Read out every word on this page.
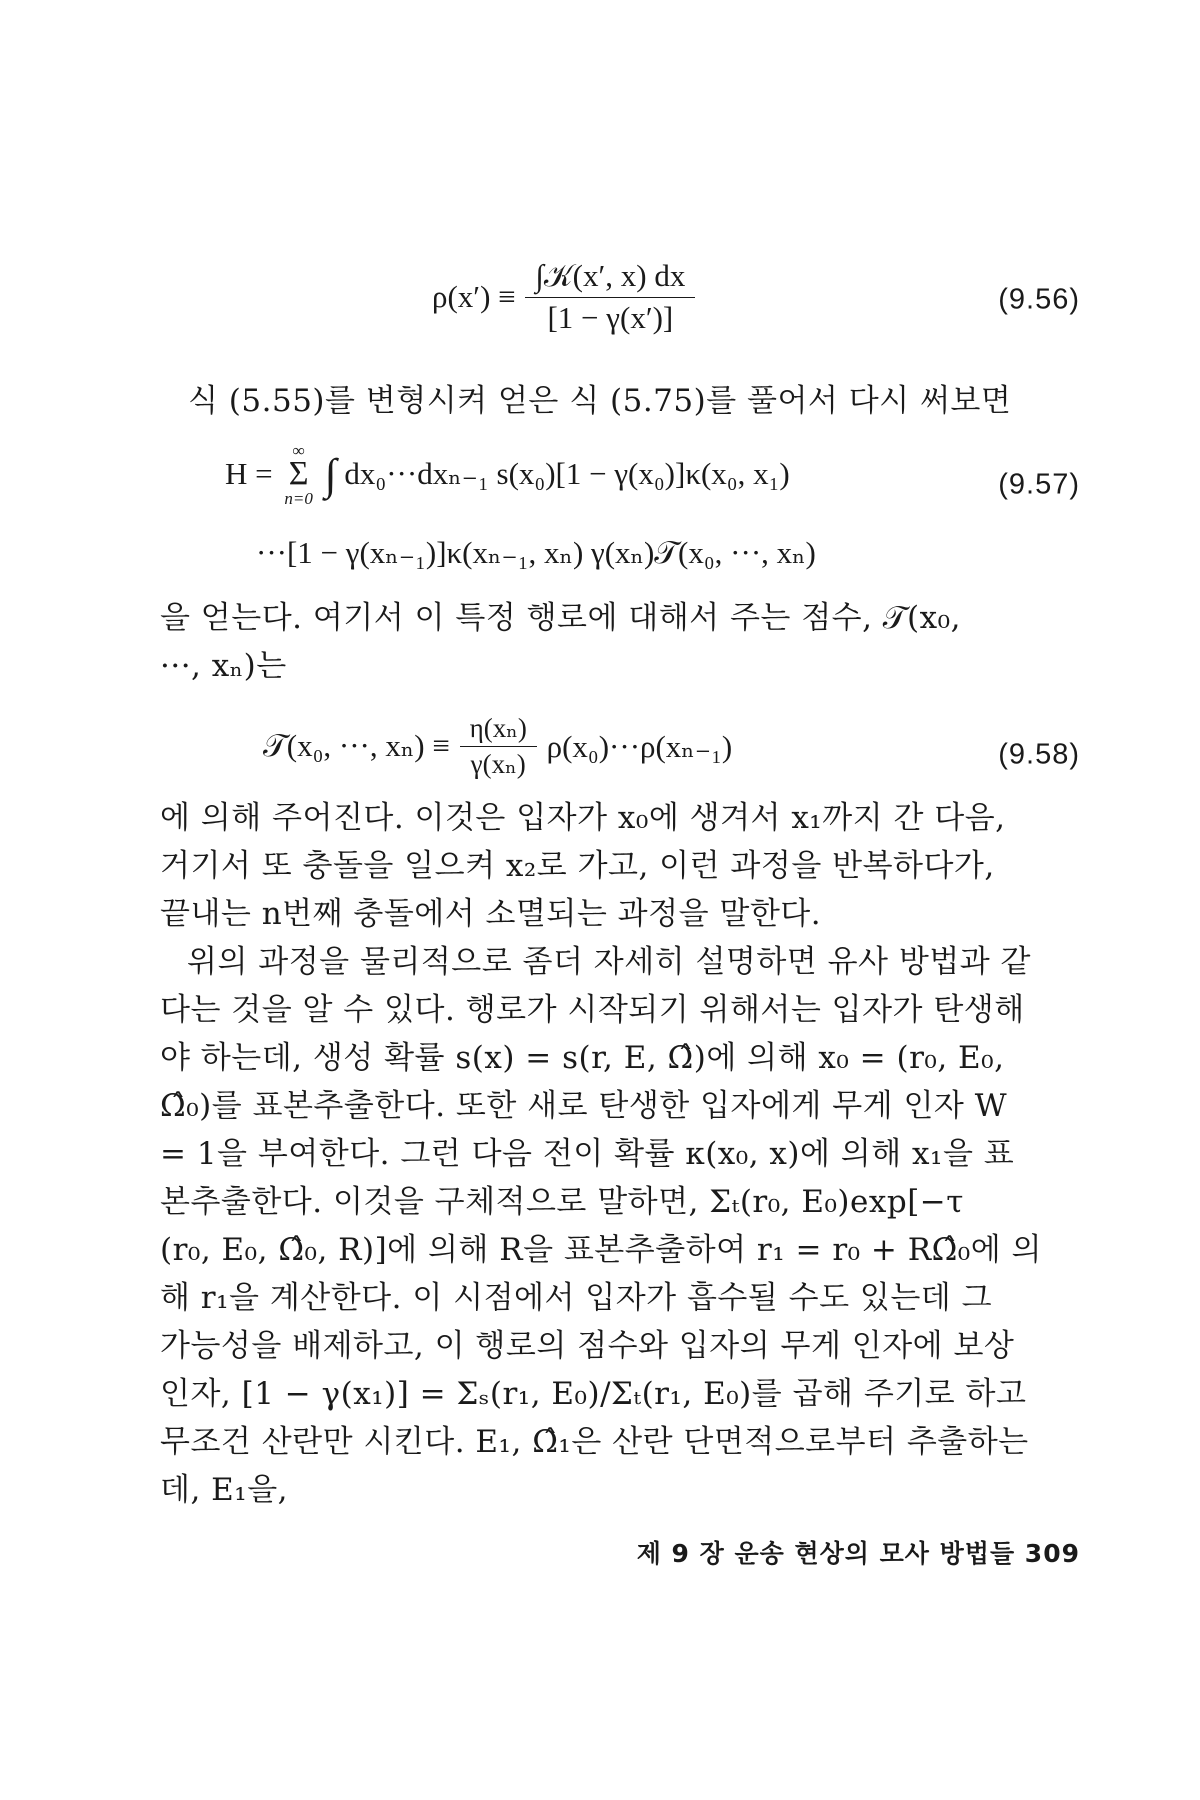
$\rho(x') \equiv \frac{\text{∫𝒦(x′, x) dx}}{[1 - \gamma(x')]}$	(9.56)
식 (5.55)를 변형시켜 얻은 식 (5.75)를 풀어서 다시 써보면
H =
∞
Σ
n=0 ∫ dx₀···dxₙ₋₁ s(x₀)[1 − γ(x₀)]κ(x₀, x₁)
···[1 − γ(xₙ₋₁)]κ(xₙ₋₁, xₙ) γ(xₙ)𝒯(x₀, ···, xₙ)
(9.57)
을 얻는다. 여기서 이 특정 행로에 대해서 주는 점수, 𝒯(x₀,
···, xₙ)는
𝒯(x₀, ···, $x_n) \equiv \frac{\text{η(xₙ)}}{\text{γ(xₙ)}} \rho(x_0)\cdot\cdot\cdot\rho(x_{n-1})$	(9.58)
에 의해 주어진다. 이것은 입자가 x₀에 생겨서 x₁까지 간 다음,
거기서 또 충돌을 일으켜 x₂로 가고, 이런 과정을 반복하다가,
끝내는 n번째 충돌에서 소멸되는 과정을 말한다.
위의 과정을 물리적으로 좀더 자세히 설명하면 유사 방법과 같
다는 것을 알 수 있다. 행로가 시작되기 위해서는 입자가 탄생해
야 하는데, 생성 확률 s(x) = s(r, E, Ω̂)에 의해 x₀ = (r₀, E₀,
Ω̂₀)를 표본추출한다. 또한 새로 탄생한 입자에게 무게 인자 W
= 1을 부여한다. 그런 다음 전이 확률 κ(x₀, x)에 의해 x₁을 표
본추출한다. 이것을 구체적으로 말하면, Σₜ(r₀, E₀)exp[−τ
(r₀, E₀, Ω̂₀, R)]에 의해 R을 표본추출하여 r₁ = r₀ + RΩ̂₀에 의
해 r₁을 계산한다. 이 시점에서 입자가 흡수될 수도 있는데 그
가능성을 배제하고, 이 행로의 점수와 입자의 무게 인자에 보상
인자, [1 − γ(x₁)] = Σₛ(r₁, E₀)/Σₜ(r₁, E₀)를 곱해 주기로 하고
무조건 산란만 시킨다. E₁, Ω̂₁은 산란 단면적으로부터 추출하는
데, E₁을,
제 9 장 운송 현상의 모사 방법들 309
